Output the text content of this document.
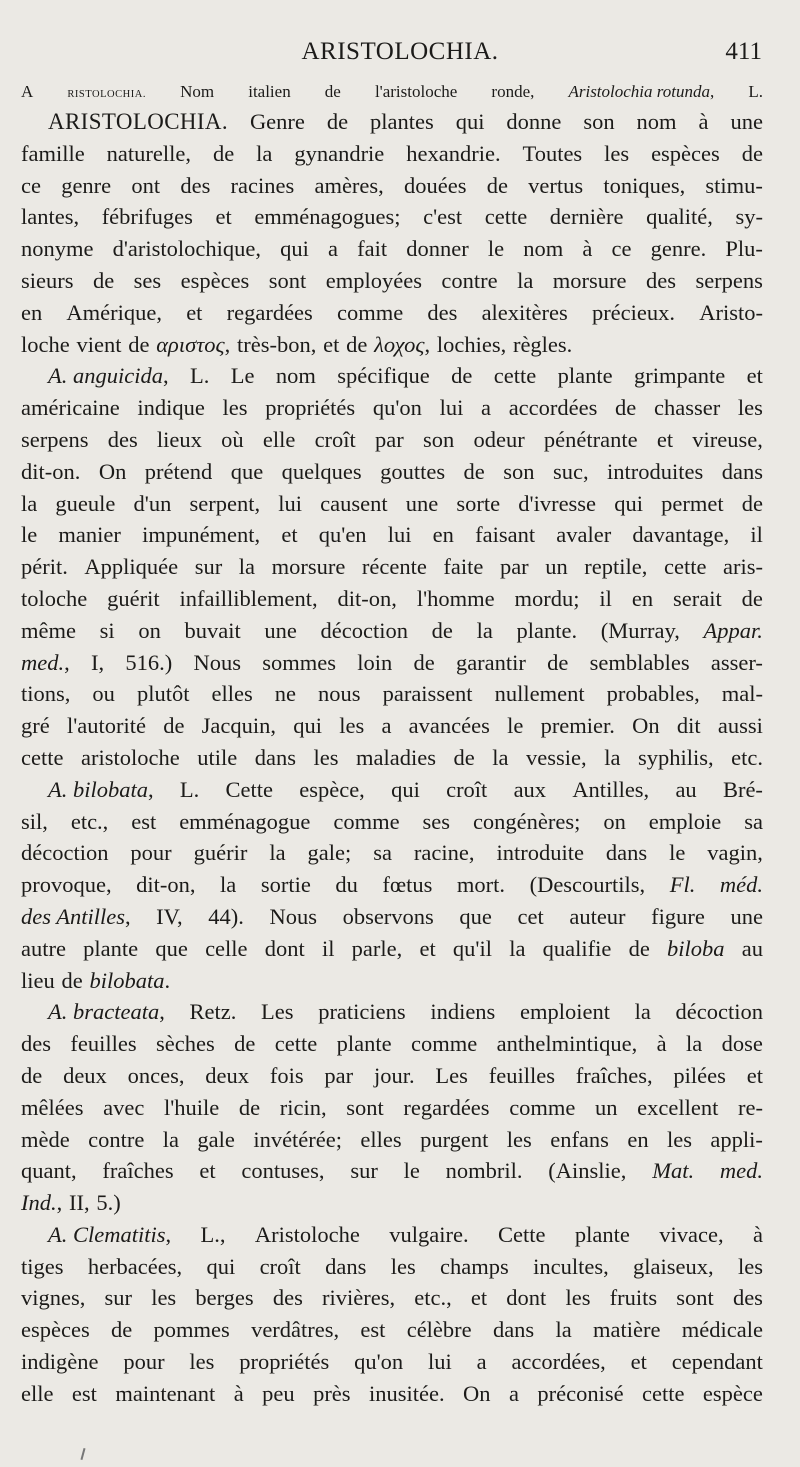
ARISTOLOCHIA.	411
A	RISTOLOCHIA. Nom italien de l'aristoloche ronde, Aristolochia rotunda, L.
ARISTOLOCHIA. Genre de plantes qui donne son nom à une
famille naturelle, de la gynandrie hexandrie. Toutes les espèces de
ce genre ont des racines amères, douées de vertus toniques, stimu-
lantes, fébrifuges et emménagogues; c'est cette dernière qualité, sy-
nonyme d'aristolochique, qui a fait donner le nom à ce genre. Plu-
sieurs de ses espèces sont employées contre la morsure des serpens
en Amérique, et regardées comme des alexitères précieux. Aristo-
loche vient de αριστος, très-bon, et de λοχος, lochies, règles.
A. anguicida, L. Le nom spécifique de cette plante grimpante et
américaine indique les propriétés qu'on lui a accordées de chasser les
serpens des lieux où elle croît par son odeur pénétrante et vireuse,
dit-on. On prétend que quelques gouttes de son suc, introduites dans
la gueule d'un serpent, lui causent une sorte d'ivresse qui permet de
le manier impunément, et qu'en lui en faisant avaler davantage, il
périt. Appliquée sur la morsure récente faite par un reptile, cette aris-
toloche guérit infailliblement, dit-on, l'homme mordu; il en serait de
même si on buvait une décoction de la plante. (Murray, Appar.
med., I, 516.) Nous sommes loin de garantir de semblables asser-
tions, ou plutôt elles ne nous paraissent nullement probables, mal-
gré l'autorité de Jacquin, qui les a avancées le premier. On dit aussi
cette aristoloche utile dans les maladies de la vessie, la syphilis, etc.
A. bilobata, L. Cette espèce, qui croît aux Antilles, au Bré-
sil, etc., est emménagogue comme ses congénères; on emploie sa
décoction pour guérir la gale; sa racine, introduite dans le vagin,
provoque, dit-on, la sortie du fœtus mort. (Descourtils, Fl. méd.
des Antilles, IV, 44). Nous observons que cet auteur figure une
autre plante que celle dont il parle, et qu'il la qualifie de biloba au
lieu de bilobata.
A. bracteata, Retz. Les praticiens indiens emploient la décoction
des feuilles sèches de cette plante comme anthelmintique, à la dose
de deux onces, deux fois par jour. Les feuilles fraîches, pilées et
mêlées avec l'huile de ricin, sont regardées comme un excellent re-
mède contre la gale invétérée; elles purgent les enfans en les appli-
quant, fraîches et contuses, sur le nombril. (Ainslie, Mat. med.
Ind., II, 5.)
A. Clematitis, L., Aristoloche vulgaire. Cette plante vivace, à
tiges herbacées, qui croît dans les champs incultes, glaiseux, les
vignes, sur les berges des rivières, etc., et dont les fruits sont des
espèces de pommes verdâtres, est célèbre dans la matière médicale
indigène pour les propriétés qu'on lui a accordées, et cependant
elle est maintenant à peu près inusitée. On a préconisé cette espèce
